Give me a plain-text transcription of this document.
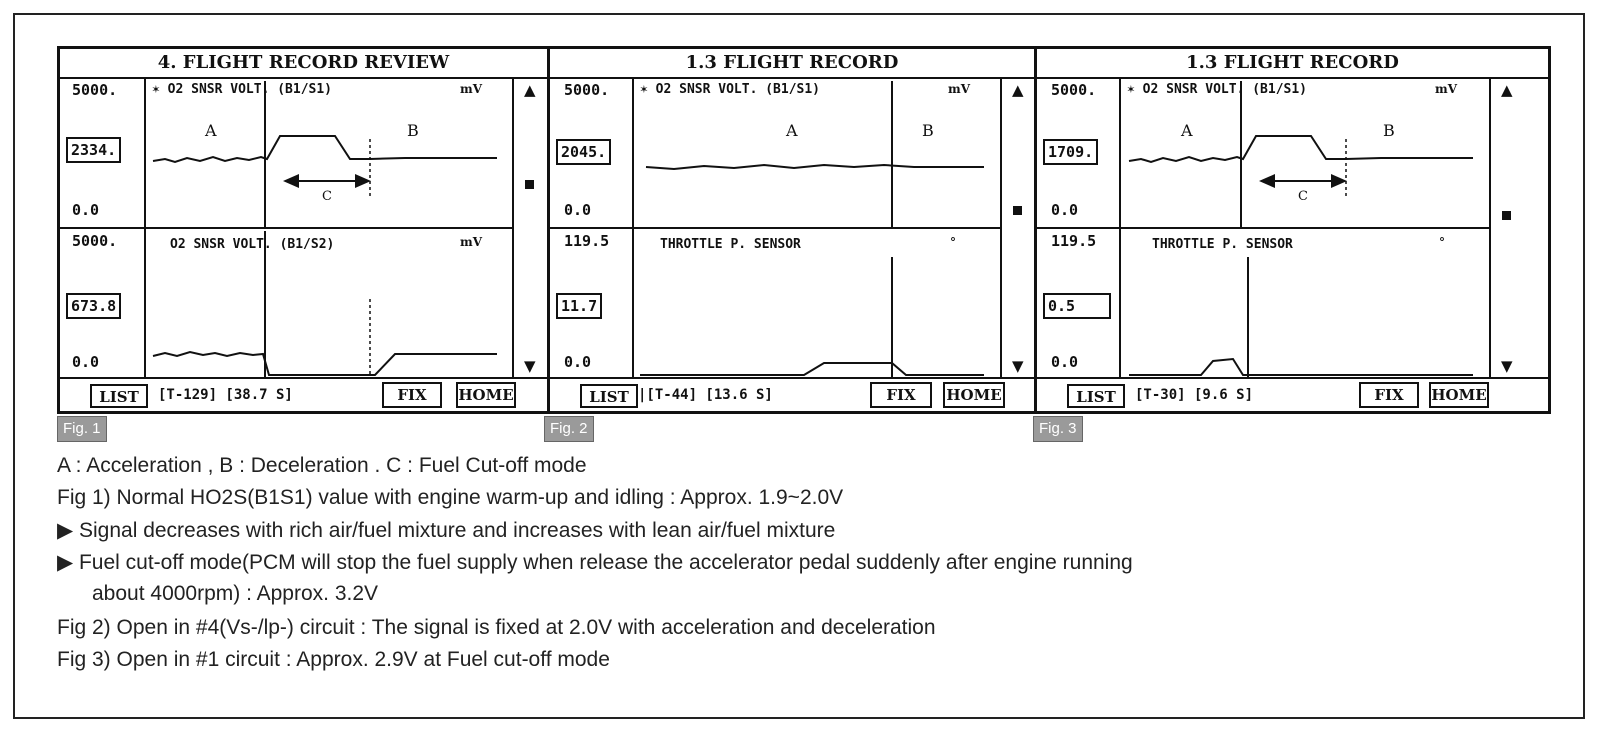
4. FLIGHT RECORD REVIEW
5000.
2334.
0.0
✶ O2 SNSR VOLT. (B1/S1)	mV
A	B
C
5000.
673.8
0.0
O2 SNSR VOLT. (B1/S2)	mV
▲
▼
LIST	[T-129] [38.7 S]	FIX	HOME
1.3 FLIGHT RECORD
5000.
2045.
0.0
✶ O2 SNSR VOLT. (B1/S1)	mV
A	B
119.5
11.7
0.0
THROTTLE P. SENSOR	°
▲
▼
LIST |[T-44] [13.6 S]	FIX	HOME
1.3 FLIGHT RECORD
5000.
1709.
0.0
✶ O2 SNSR VOLT. (B1/S1)	mV
A	B
C
119.5
0.5
0.0
THROTTLE P. SENSOR	°
▲
▼
LIST	[T-30] [9.6 S]	FIX	HOME
Fig. 1	Fig. 2	Fig. 3
A : Acceleration , B : Deceleration . C : Fuel Cut-off mode
Fig 1) Normal HO2S(B1S1) value with engine warm-up and idling : Approx. 1.9~2.0V
▶ Signal decreases with rich air/fuel mixture and increases with lean air/fuel mixture
▶ Fuel cut-off mode(PCM will stop the fuel supply when release the accelerator pedal suddenly after engine running
about 4000rpm) : Approx. 3.2V
Fig 2) Open in #4(Vs-/lp-) circuit : The signal is fixed at 2.0V with acceleration and deceleration
Fig 3) Open in #1 circuit : Approx. 2.9V at Fuel cut-off mode
